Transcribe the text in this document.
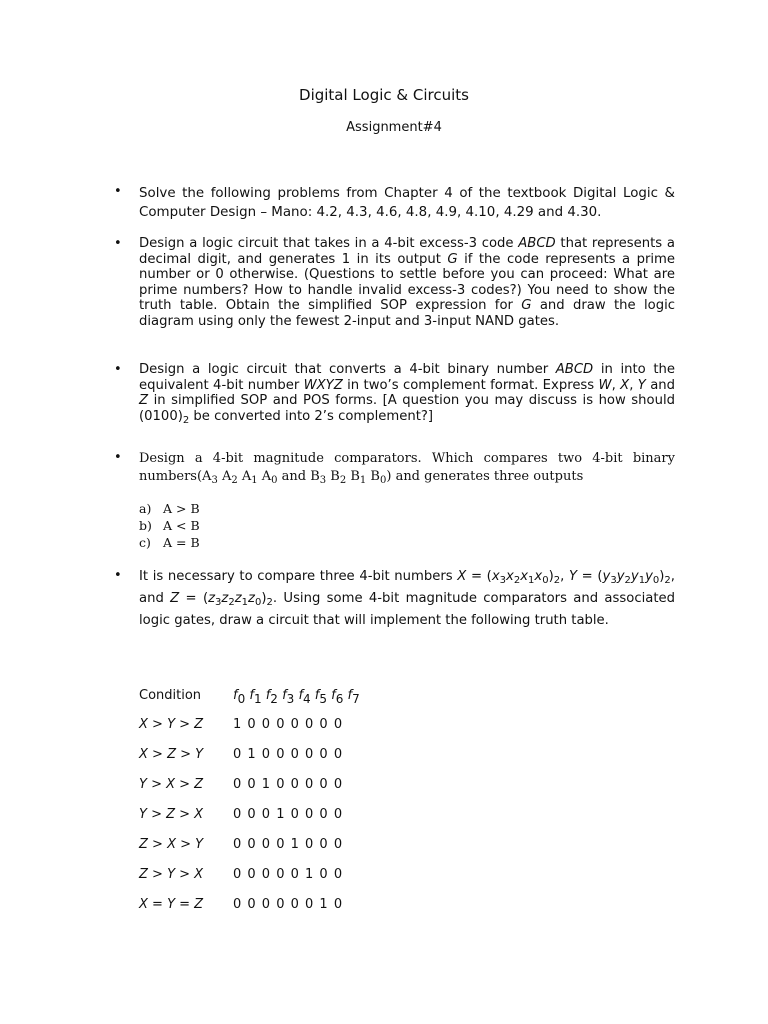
Digital Logic & Circuits
Assignment#4
• Solve the following problems from Chapter 4 of the textbook Digital Logic & Computer Design – Mano: 4.2, 4.3, 4.6, 4.8, 4.9, 4.10, 4.29 and 4.30.
• Design a logic circuit that takes in a 4-bit excess-3 code ABCD that represents a decimal digit, and generates 1 in its output G if the code represents a prime number or 0 otherwise. (Questions to settle before you can proceed: What are prime numbers? How to handle invalid excess-3 codes?) You need to show the truth table. Obtain the simplified SOP expression for G and draw the logic diagram using only the fewest 2-input and 3-input NAND gates.
• Design a logic circuit that converts a 4-bit binary number ABCD in into the equivalent 4-bit number WXYZ in two’s complement format. Express W, X, Y and Z in simplified SOP and POS forms. [A question you may discuss is how should $(0100)_2$ be converted into 2’s complement?]
• Design a 4-bit magnitude comparators. Which compares two 4-bit binary $numbers(A_3$ $A_2$ $A_1$ $A_0$ and $B_3$ $B_2$ $B_1$ $B_0$) and generates three outputs
a) A > B
b) A < B
c) A = B
• It is necessary to compare three 4-bit numbers $X = (x_3x_2x_1x_0)_2$, $Y = (y_3y_2y_1y_0)_2$, and $Z = (z_3z_2z_1z_0)_2$. Using some 4-bit magnitude comparators and associated logic gates, draw a circuit that will implement the following truth table.
Condition	f0 f1 f2 f3 f4 f5 f6 f7
X > Y > Z	1 0 0 0 0 0 0 0
X > Z > Y	0 1 0 0 0 0 0 0
Y > X > Z	0 0 1 0 0 0 0 0
Y > Z > X	0 0 0 1 0 0 0 0
Z > X > Y	0 0 0 0 1 0 0 0
Z > Y > X	0 0 0 0 0 1 0 0
X = Y = Z	0 0 0 0 0 0 1 0
